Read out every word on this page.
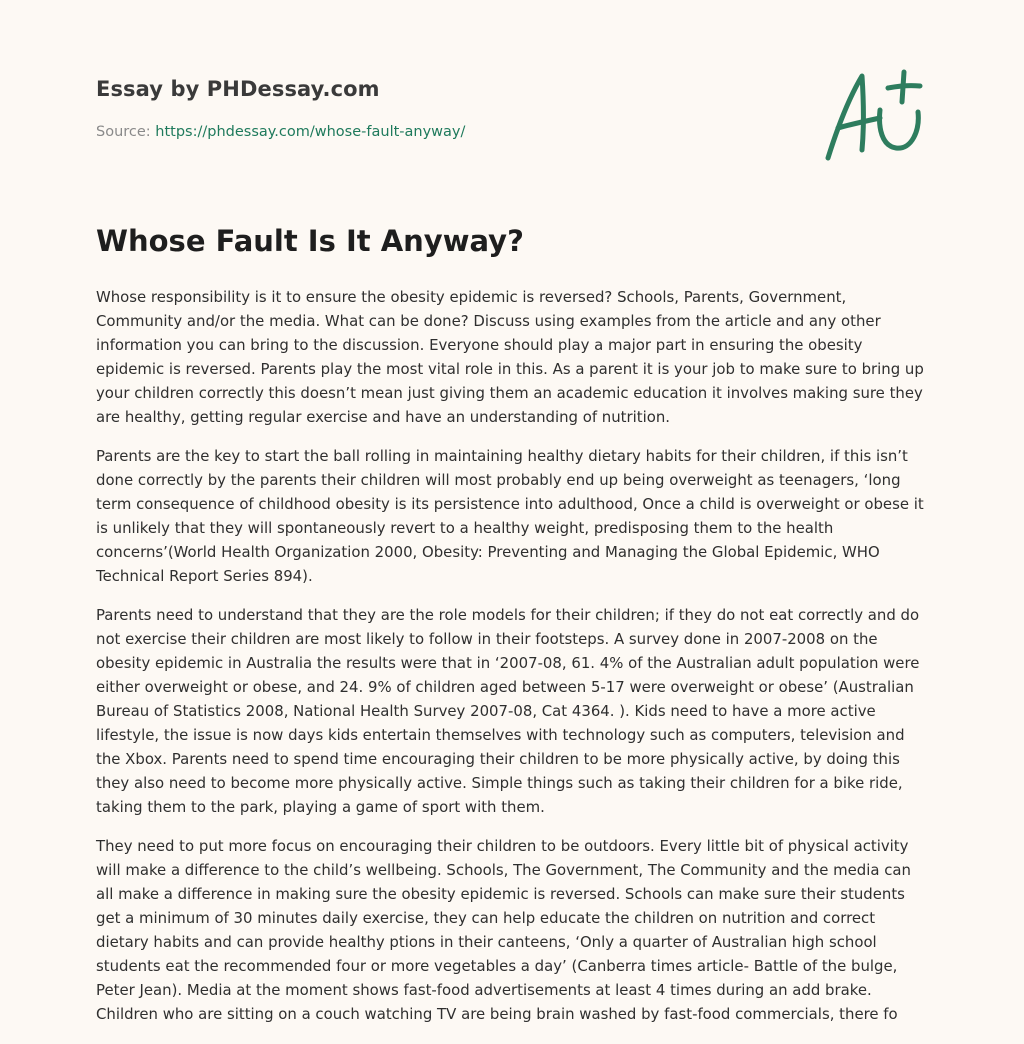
Essay by PHDessay.com
Source: https://phdessay.com/whose-fault-anyway/
Whose Fault Is It Anyway?

Whose responsibility is it to ensure the obesity epidemic is reversed? Schools, Parents, Government, Community and/or the media. What can be done? Discuss using examples from the article and any other information you can bring to the discussion. Everyone should play a major part in ensuring the obesity epidemic is reversed. Parents play the most vital role in this. As a parent it is your job to make sure to bring up your children correctly this doesn’t mean just giving them an academic education it involves making sure they are healthy, getting regular exercise and have an understanding of nutrition.

Parents are the key to start the ball rolling in maintaining healthy dietary habits for their children, if this isn’t done correctly by the parents their children will most probably end up being overweight as teenagers, ‘long term consequence of childhood obesity is its persistence into adulthood, Once a child is overweight or obese it is unlikely that they will spontaneously revert to a healthy weight, predisposing them to the health concerns’(World Health Organization 2000, Obesity: Preventing and Managing the Global Epidemic, WHO Technical Report Series 894).

Parents need to understand that they are the role models for their children; if they do not eat correctly and do not exercise their children are most likely to follow in their footsteps. A survey done in 2007-2008 on the obesity epidemic in Australia the results were that in ‘2007-08, 61. 4% of the Australian adult population were either overweight or obese, and 24. 9% of children aged between 5-17 were overweight or obese’ (Australian Bureau of Statistics 2008, National Health Survey 2007-08, Cat 4364. ). Kids need to have a more active lifestyle, the issue is now days kids entertain themselves with technology such as computers, television and the Xbox. Parents need to spend time encouraging their children to be more physically active, by doing this they also need to become more physically active. Simple things such as taking their children for a bike ride, taking them to the park, playing a game of sport with them.

They need to put more focus on encouraging their children to be outdoors. Every little bit of physical activity will make a difference to the child’s wellbeing. Schools, The Government, The Community and the media can all make a difference in making sure the obesity epidemic is reversed. Schools can make sure their students get a minimum of 30 minutes daily exercise, they can help educate the children on nutrition and correct dietary habits and can provide healthy ptions in their canteens, ‘Only a quarter of Australian high school students eat the recommended four or more vegetables a day’ (Canberra times article- Battle of the bulge, Peter Jean). Media at the moment shows fast-food advertisements at least 4 times during an add brake. Children who are sitting on a couch watching TV are being brain washed by fast-food commercials, there fo
